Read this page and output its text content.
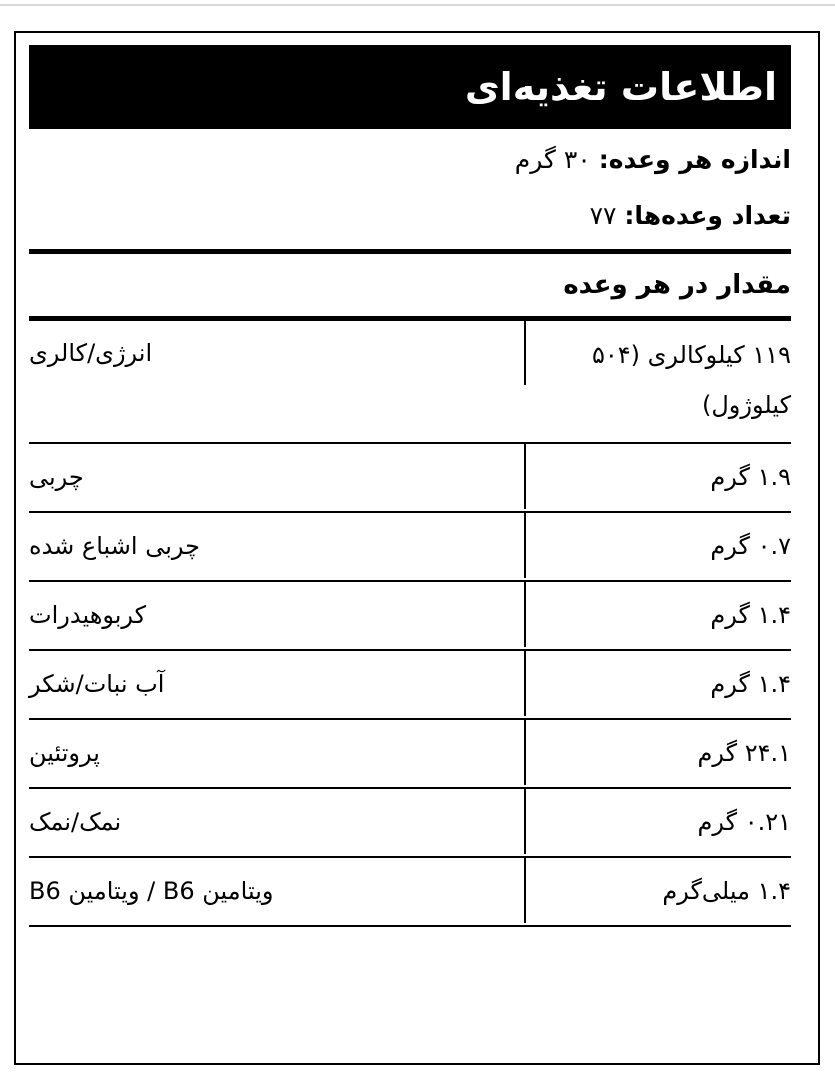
اطلاعات تغذیه‌ای
اندازه هر وعده:
۳۰ گرم
تعداد وعده‌ها:
۷۷
مقدار در هر وعده
۱۱۹ کیلوکالری (۵۰۴
انرژی/کالری
کیلوژول)
۱.۹ گرم
چربی
۰.۷ گرم
چربی اشباع شده
۱.۴ گرم
کربوهیدرات
۱.۴ گرم
آب نبات/شکر
۲۴.۱ گرم
پروتئین
۰.۲۱ گرم
نمک/نمک
۱.۴ میلی‌گرم
ویتامین B6 / ویتامین B6
